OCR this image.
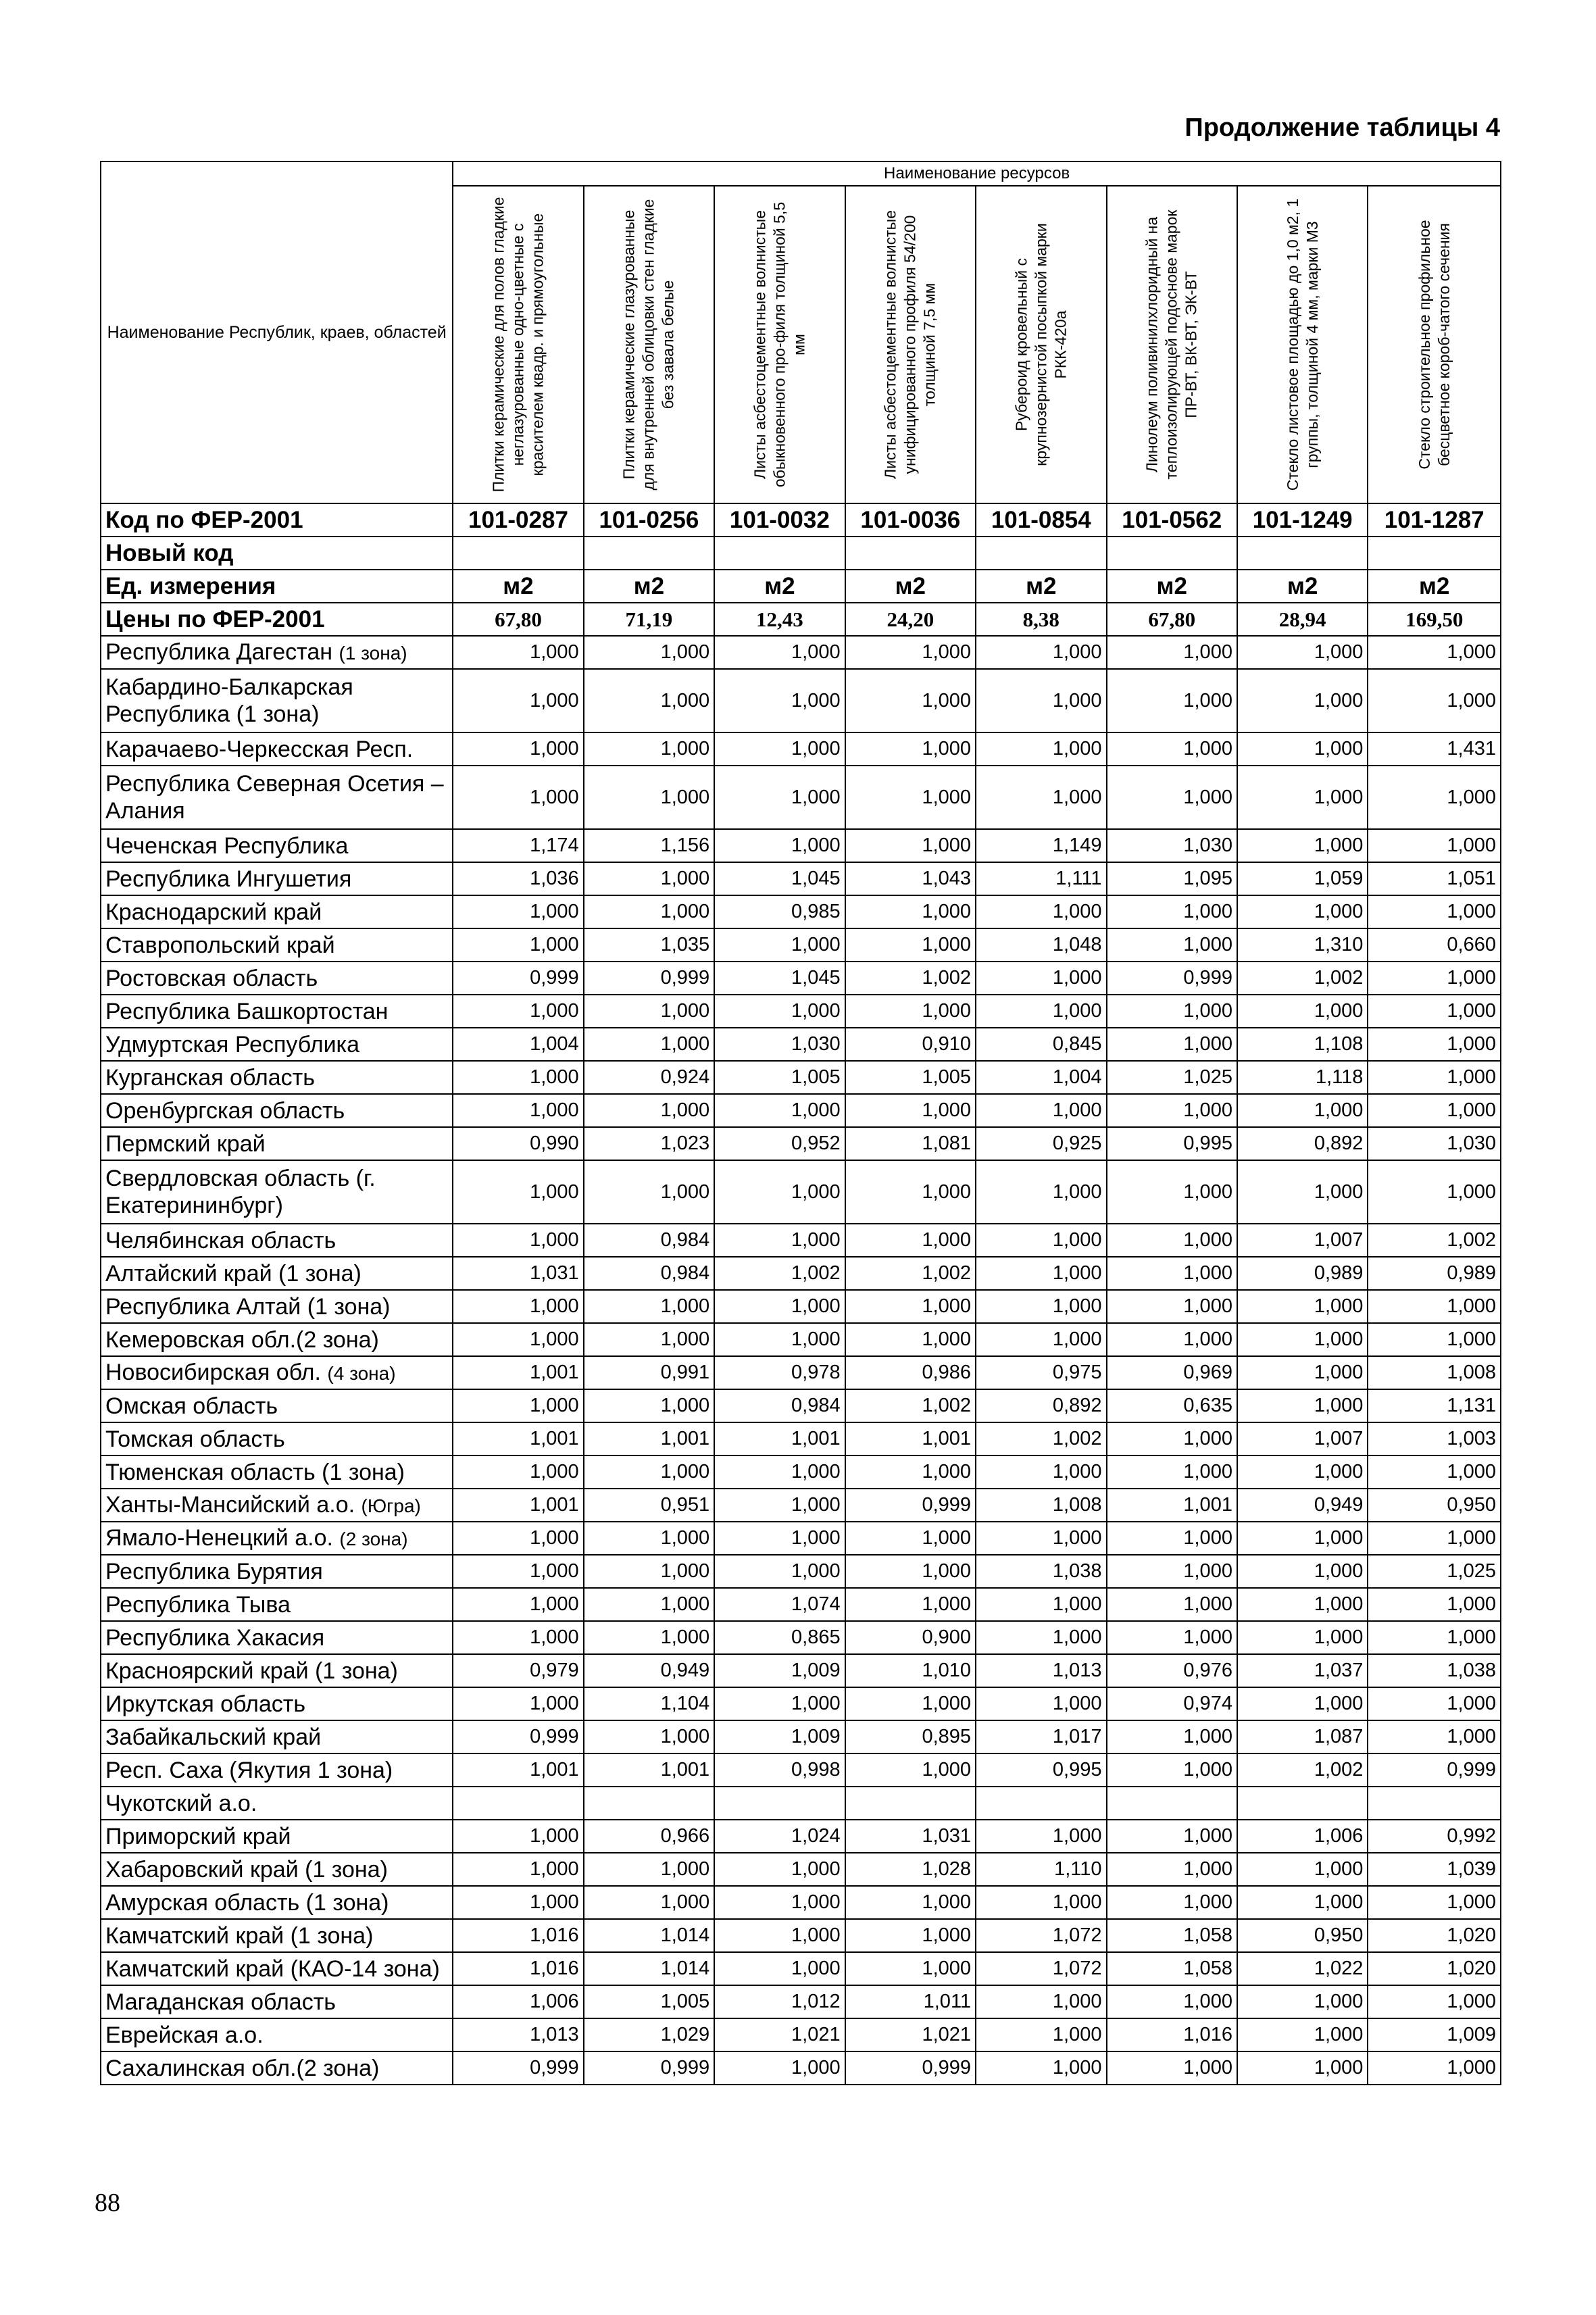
Продолжение таблицы 4
Наименование Республик, краев, областей	Наименование ресурсов							

	Плитки керамические для полов гладкие неглазурованные одно-цветные с красителем квадр. и прямоугольные	Плитки керамические глазурованные для внутренней облицовки стен гладкие без завала белые	Листы асбестоцементные волнистые обыкновенного про-филя толщиной 5,5 мм	Листы асбестоцементные волнистые унифицированного профиля 54/200 толщиной 7,5 мм	Рубероид кровельный с крупнозернистой посыпкой марки РКК-420а	Линолеум поливинилхлоридный на теплоизолирующей подоснове марок ПР-ВТ, ВК-ВТ, ЭК-ВТ	Стекло листовое площадью до 1,0 м2, 1 группы, толщиной 4 мм, марки М3	Стекло строительное профильное бесцветное короб-чатого сечения

Код по ФЕР-2001	101-0287	101-0256	101-0032	101-0036	101-0854	101-0562	101-1249	101-1287
Новый код								
Ед. измерения	м2	м2	м2	м2	м2	м2	м2	м2
Цены по ФЕР-2001	67,80	71,19	12,43	24,20	8,38	67,80	28,94	169,50
Республика Дагестан (1 зона)	1,000	1,000	1,000	1,000	1,000	1,000	1,000	1,000
Кабардино-Балкарская Республика (1 зона)	1,000	1,000	1,000	1,000	1,000	1,000	1,000	1,000
Карачаево-Черкесская Респ.	1,000	1,000	1,000	1,000	1,000	1,000	1,000	1,431
Республика Северная Осетия – Алания	1,000	1,000	1,000	1,000	1,000	1,000	1,000	1,000
Чеченская Республика	1,174	1,156	1,000	1,000	1,149	1,030	1,000	1,000
Республика Ингушетия	1,036	1,000	1,045	1,043	1,111	1,095	1,059	1,051
Краснодарский край	1,000	1,000	0,985	1,000	1,000	1,000	1,000	1,000
Ставропольский край	1,000	1,035	1,000	1,000	1,048	1,000	1,310	0,660
Ростовская область	0,999	0,999	1,045	1,002	1,000	0,999	1,002	1,000
Республика Башкортостан	1,000	1,000	1,000	1,000	1,000	1,000	1,000	1,000
Удмуртская Республика	1,004	1,000	1,030	0,910	0,845	1,000	1,108	1,000
Курганская область	1,000	0,924	1,005	1,005	1,004	1,025	1,118	1,000
Оренбургская область	1,000	1,000	1,000	1,000	1,000	1,000	1,000	1,000
Пермский край	0,990	1,023	0,952	1,081	0,925	0,995	0,892	1,030
Свердловская область (г. Екатерининбург)	1,000	1,000	1,000	1,000	1,000	1,000	1,000	1,000
Челябинская область	1,000	0,984	1,000	1,000	1,000	1,000	1,007	1,002
Алтайский край (1 зона)	1,031	0,984	1,002	1,002	1,000	1,000	0,989	0,989
Республика Алтай (1 зона)	1,000	1,000	1,000	1,000	1,000	1,000	1,000	1,000
Кемеровская обл.(2 зона)	1,000	1,000	1,000	1,000	1,000	1,000	1,000	1,000
Новосибирская обл. (4 зона)	1,001	0,991	0,978	0,986	0,975	0,969	1,000	1,008
Омская область	1,000	1,000	0,984	1,002	0,892	0,635	1,000	1,131
Томская область	1,001	1,001	1,001	1,001	1,002	1,000	1,007	1,003
Тюменская область (1 зона)	1,000	1,000	1,000	1,000	1,000	1,000	1,000	1,000
Ханты-Мансийский а.о. (Югра)	1,001	0,951	1,000	0,999	1,008	1,001	0,949	0,950
Ямало-Ненецкий а.о. (2 зона)	1,000	1,000	1,000	1,000	1,000	1,000	1,000	1,000
Республика Бурятия	1,000	1,000	1,000	1,000	1,038	1,000	1,000	1,025
Республика Тыва	1,000	1,000	1,074	1,000	1,000	1,000	1,000	1,000
Республика Хакасия	1,000	1,000	0,865	0,900	1,000	1,000	1,000	1,000
Красноярский край (1 зона)	0,979	0,949	1,009	1,010	1,013	0,976	1,037	1,038
Иркутская область	1,000	1,104	1,000	1,000	1,000	0,974	1,000	1,000
Забайкальский край	0,999	1,000	1,009	0,895	1,017	1,000	1,087	1,000
Респ. Саха (Якутия 1 зона)	1,001	1,001	0,998	1,000	0,995	1,000	1,002	0,999
Чукотский а.о.								
Приморский край	1,000	0,966	1,024	1,031	1,000	1,000	1,006	0,992
Хабаровский край (1 зона)	1,000	1,000	1,000	1,028	1,110	1,000	1,000	1,039
Амурская область (1 зона)	1,000	1,000	1,000	1,000	1,000	1,000	1,000	1,000
Камчатский край (1 зона)	1,016	1,014	1,000	1,000	1,072	1,058	0,950	1,020
Камчатский край (КАО-14 зона)	1,016	1,014	1,000	1,000	1,072	1,058	1,022	1,020
Магаданская область	1,006	1,005	1,012	1,011	1,000	1,000	1,000	1,000
Еврейская а.о.	1,013	1,029	1,021	1,021	1,000	1,016	1,000	1,009
Сахалинская обл.(2 зона)	0,999	0,999	1,000	0,999	1,000	1,000	1,000	1,000
88
